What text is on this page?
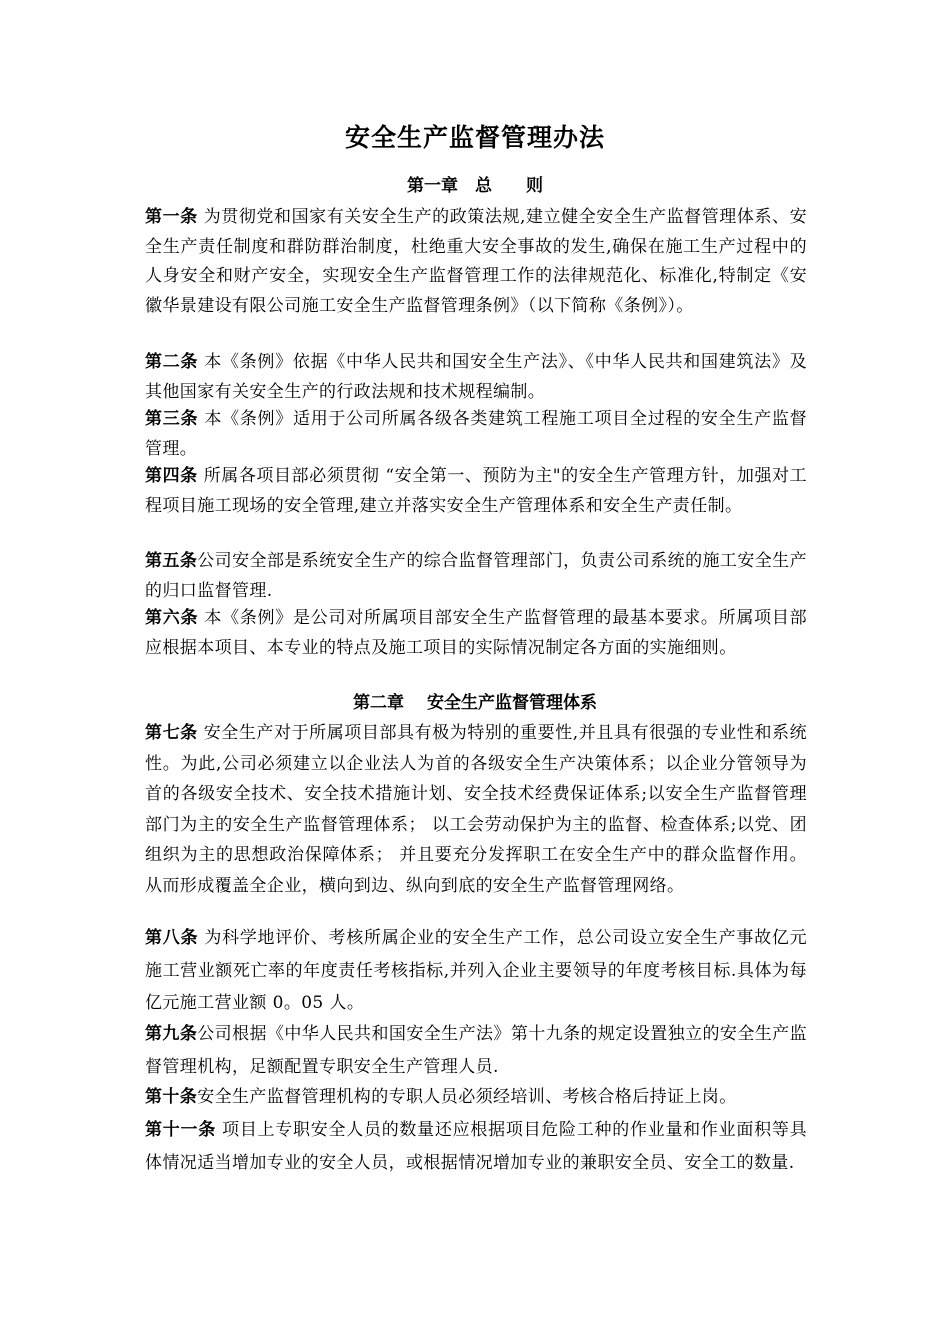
安全生产监督管理办法
第一章　总　　则

第一条 为贯彻党和国家有关安全生产的政策法规,建立健全安全生产监督管理体系、安全生产责任制度和群防群治制度，杜绝重大安全事故的发生,确保在施工生产过程中的人身安全和财产安全，实现安全生产监督管理工作的法律规范化、标准化,特制定《安徽华景建设有限公司施工安全生产监督管理条例》（以下简称《条例》）。

第二条 本《条例》依据《中华人民共和国安全生产法》、《中华人民共和国建筑法》及其他国家有关安全生产的行政法规和技术规程编制。

第三条 本《条例》适用于公司所属各级各类建筑工程施工项目全过程的安全生产监督管理。

第四条 所属各项目部必须贯彻 “安全第一、预防为主"的安全生产管理方针，加强对工程项目施工现场的安全管理,建立并落实安全生产管理体系和安全生产责任制。

第五条公司安全部是系统安全生产的综合监督管理部门，负责公司系统的施工安全生产的归口监督管理.

第六条 本《条例》是公司对所属项目部安全生产监督管理的最基本要求。所属项目部应根据本项目、本专业的特点及施工项目的实际情况制定各方面的实施细则。

第二章　 安全生产监督管理体系

第七条 安全生产对于所属项目部具有极为特别的重要性,并且具有很强的专业性和系统性。为此,公司必须建立以企业法人为首的各级安全生产决策体系；以企业分管领导为首的各级安全技术、安全技术措施计划、安全技术经费保证体系;以安全生产监督管理部门为主的安全生产监督管理体系； 以工会劳动保护为主的监督、检查体系;以党、团组织为主的思想政治保障体系； 并且要充分发挥职工在安全生产中的群众监督作用。从而形成覆盖全企业，横向到边、纵向到底的安全生产监督管理网络。

第八条 为科学地评价、考核所属企业的安全生产工作，总公司设立安全生产事故亿元施工营业额死亡率的年度责任考核指标,并列入企业主要领导的年度考核目标.具体为每亿元施工营业额 0。05 人。

第九条公司根据《中华人民共和国安全生产法》第十九条的规定设置独立的安全生产监督管理机构，足额配置专职安全生产管理人员.

第十条安全生产监督管理机构的专职人员必须经培训、考核合格后持证上岗。

第十一条 项目上专职安全人员的数量还应根据项目危险工种的作业量和作业面积等具体情况适当增加专业的安全人员，或根据情况增加专业的兼职安全员、安全工的数量.
